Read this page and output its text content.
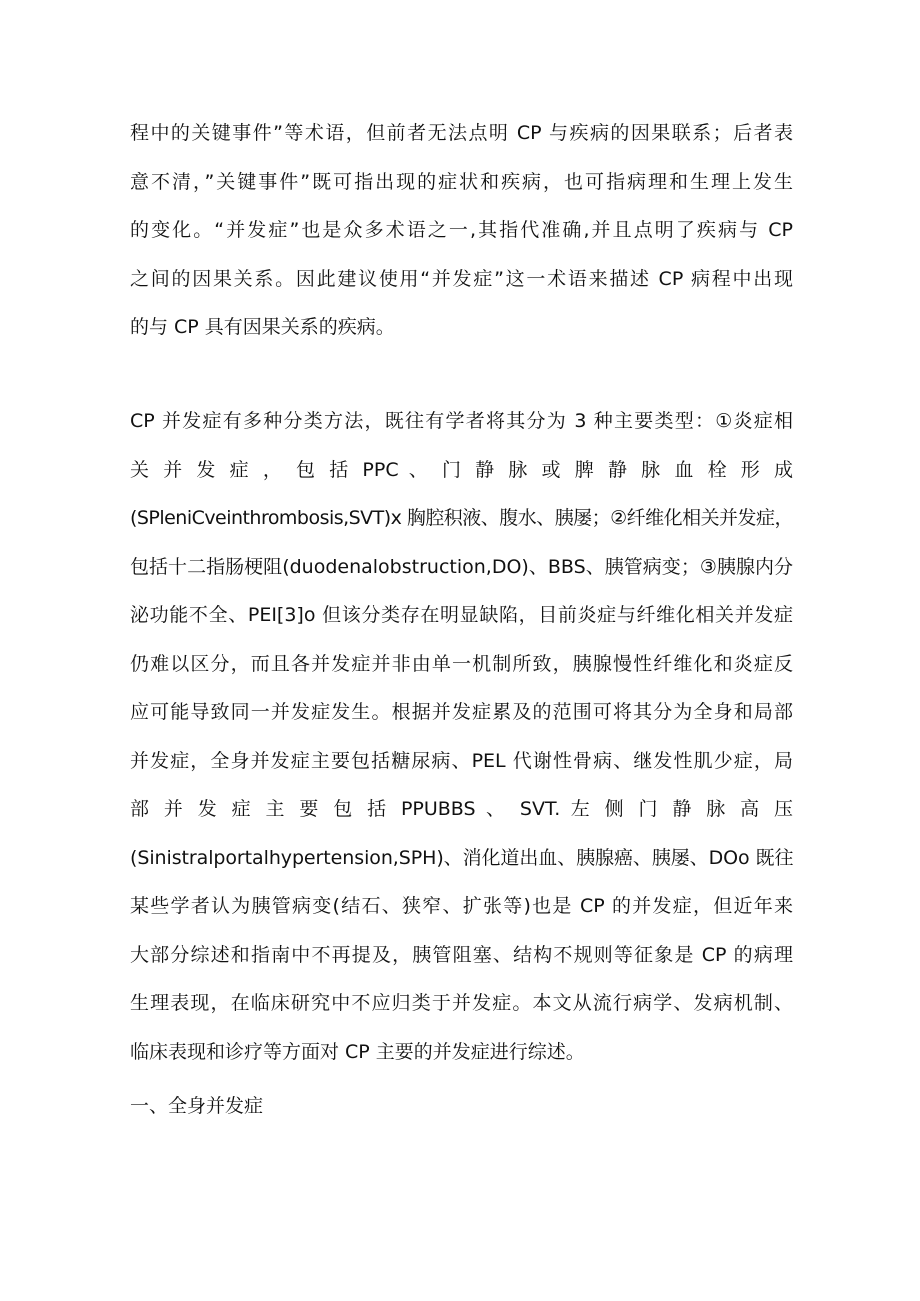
程中的关键事件”等术语，但前者无法点明 CP 与疾病的因果联系；后者表
意不清，”关键事件”既可指出现的症状和疾病，也可指病理和生理上发生
的变化。“并发症”也是众多术语之一,其指代准确,并且点明了疾病与 CP
之间的因果关系。因此建议使用“并发症”这一术语来描述 CP 病程中出现
的与 CP 具有因果关系的疾病。
CP 并发症有多种分类方法，既往有学者将其分为 3 种主要类型：①炎症相
关 并 发 症 ， 包 括 PPC 、 门 静 脉 或 脾 静 脉 血 栓 形 成
(SPleniCveinthrombosis,SVT)x 胸腔积液、腹水、胰屡；②纤维化相关并发症，
包括十二指肠梗阻(duodenalobstruction,DO)、BBS、胰管病变；③胰腺内分
泌功能不全、PEI[3]o 但该分类存在明显缺陷，目前炎症与纤维化相关并发症
仍难以区分，而且各并发症并非由单一机制所致，胰腺慢性纤维化和炎症反
应可能导致同一并发症发生。根据并发症累及的范围可将其分为全身和局部
并发症，全身并发症主要包括糖尿病、PEL 代谢性骨病、继发性肌少症，局
部 并 发 症 主 要 包 括 PPUBBS 、 SVT. 左 侧 门 静 脉 高 压
(Sinistralportalhypertension,SPH)、消化道出血、胰腺癌、胰屡、DOo 既往
某些学者认为胰管病变(结石、狭窄、扩张等)也是 CP 的并发症，但近年来
大部分综述和指南中不再提及，胰管阻塞、结构不规则等征象是 CP 的病理
生理表现，在临床研究中不应归类于并发症。本文从流行病学、发病机制、
临床表现和诊疗等方面对 CP 主要的并发症进行综述。
一、全身并发症
